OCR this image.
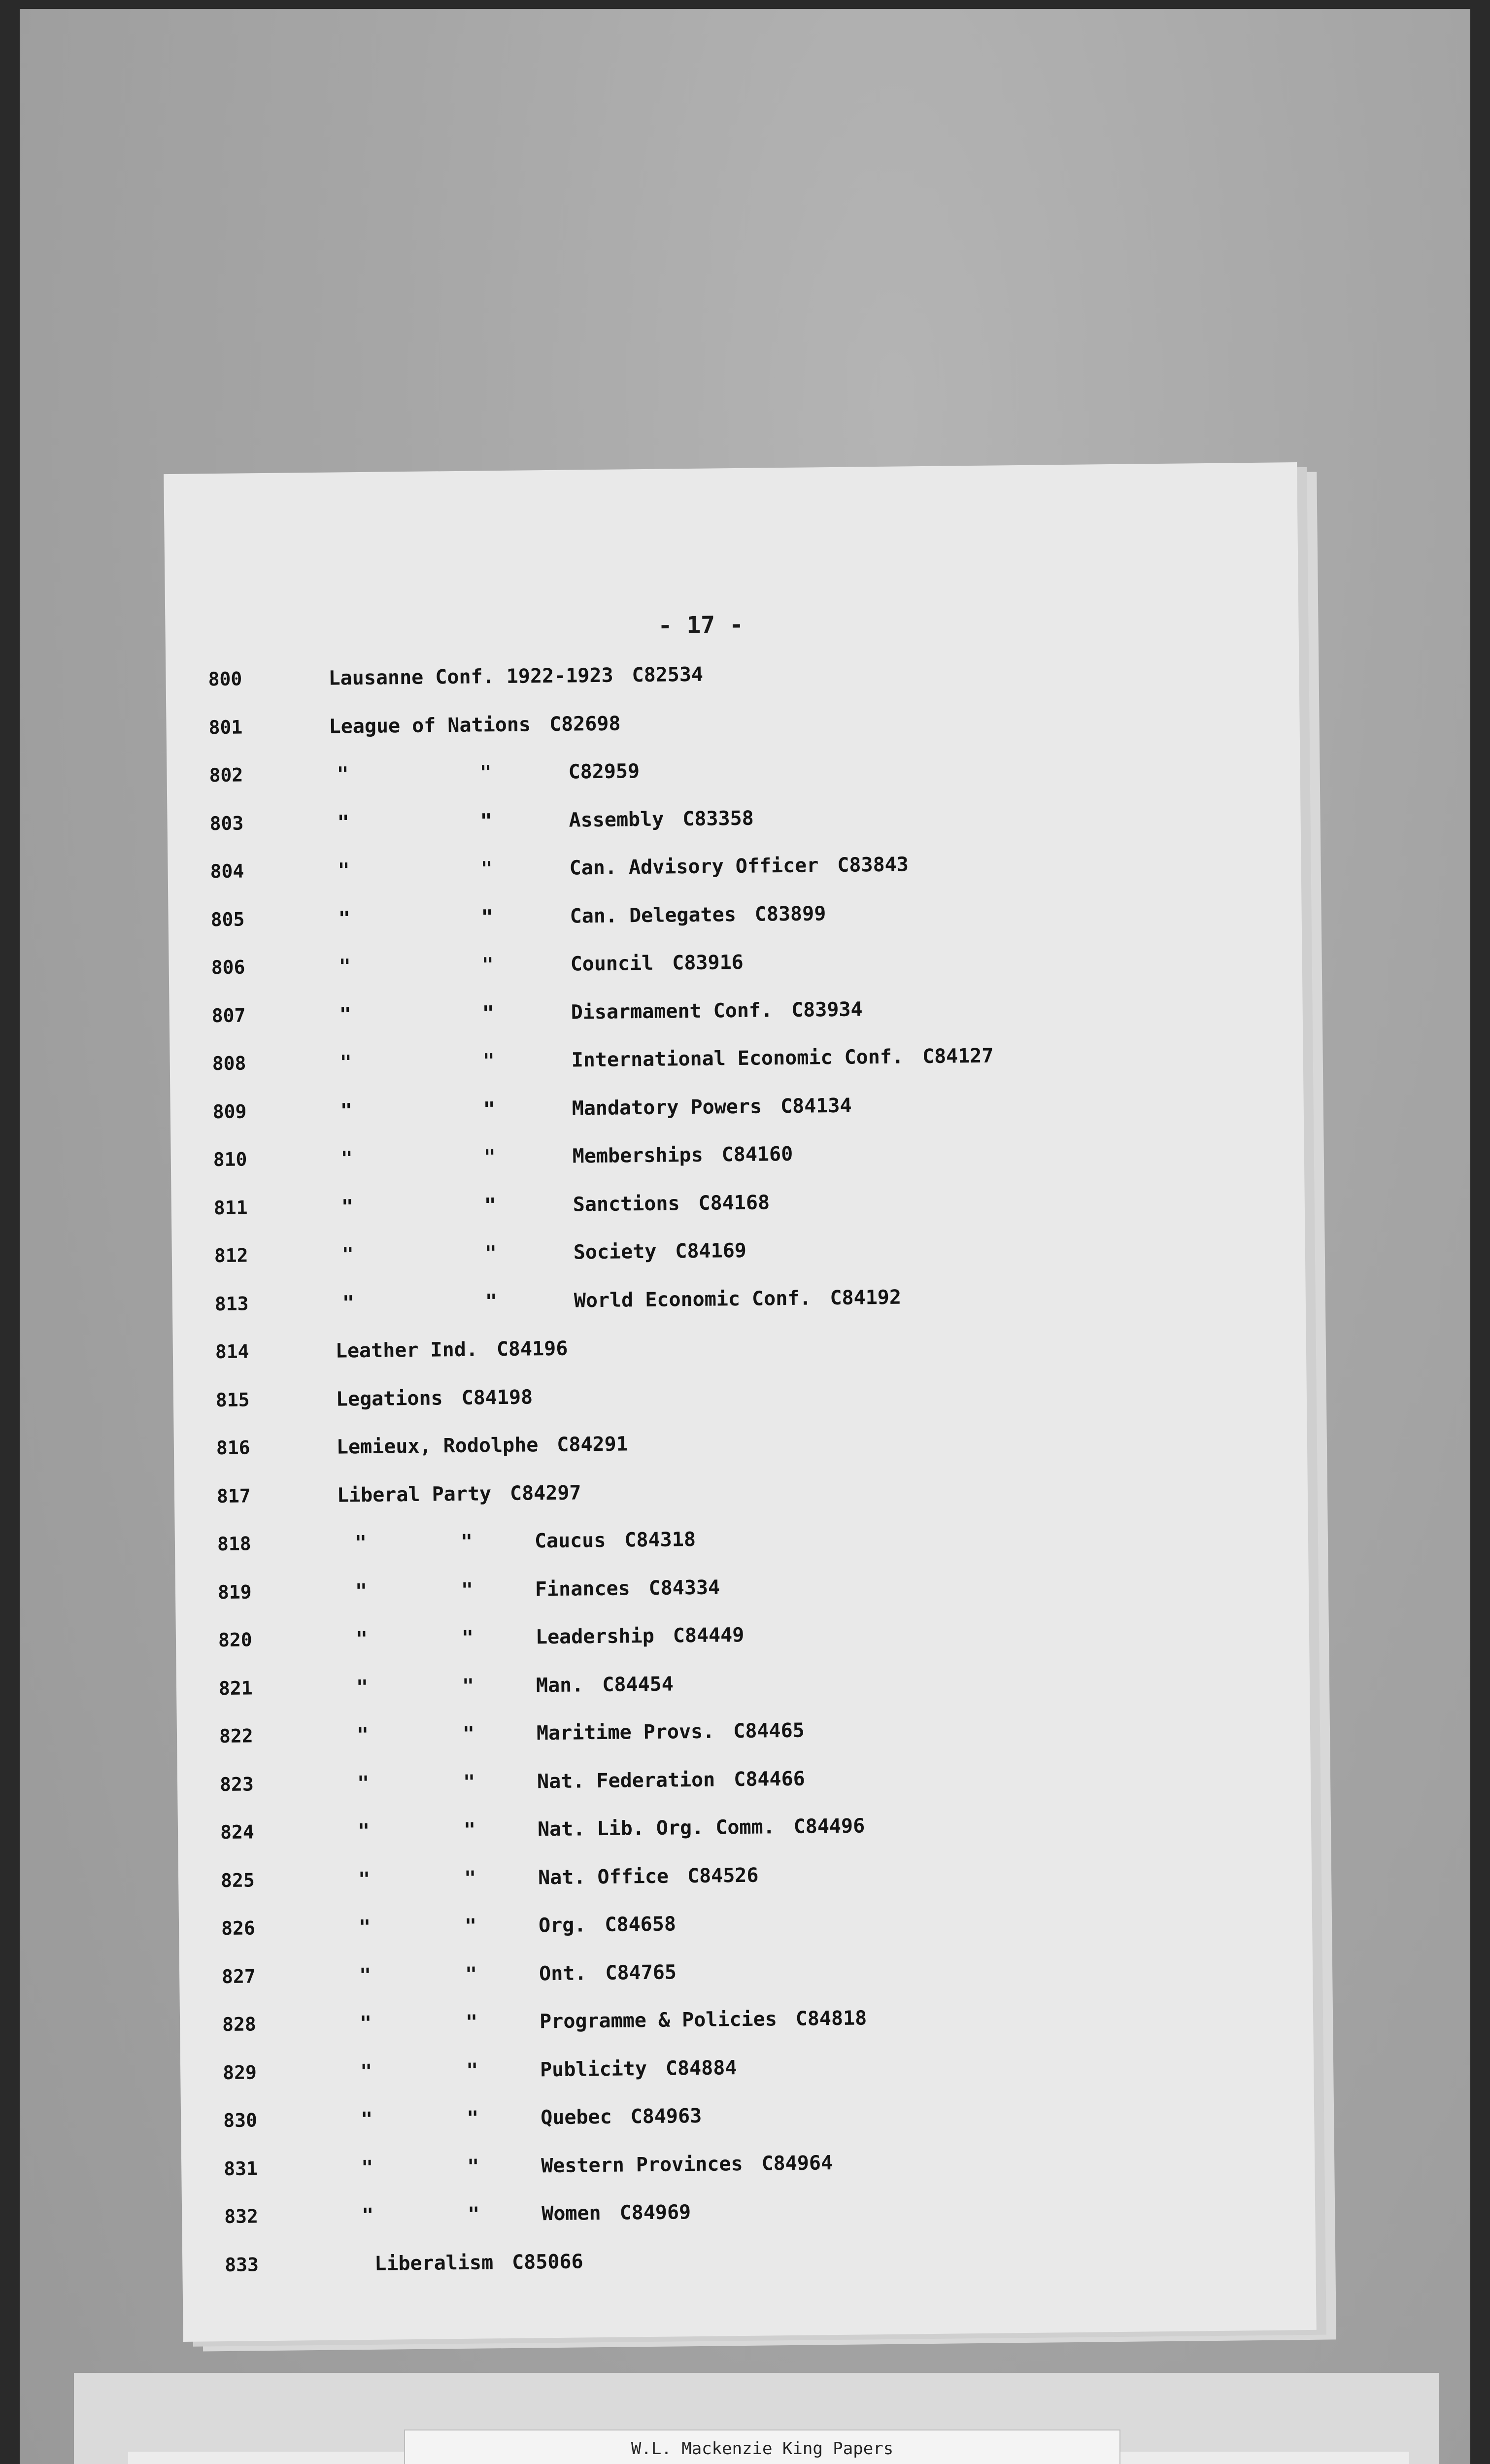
- 17 -
800	Lausanne Conf. 1922-1923 C82534
801	League of Nations C82698
802	"	"	C82959
803	"	"	Assembly C83358
804	"	"	Can. Advisory Officer C83843
805	"	"	Can. Delegates C83899
806	"	"	Council C83916
807	"	"	Disarmament Conf. C83934
808	"	"	International Economic Conf. C84127
809	"	"	Mandatory Powers C84134
810	"	"	Memberships C84160
811	"	"	Sanctions C84168
812	"	"	Society C84169
813	"	"	World Economic Conf. C84192
814	Leather Ind. C84196
815	Legations C84198
816	Lemieux, Rodolphe C84291
817	Liberal Party C84297
818	"	"	Caucus C84318
819	"	"	Finances C84334
820	"	"	Leadership C84449
821	"	"	Man. C84454
822	"	"	Maritime Provs. C84465
823	"	"	Nat. Federation C84466
824	"	"	Nat. Lib. Org. Comm. C84496
825	"	"	Nat. Office C84526
826	"	"	Org. C84658
827	"	"	Ont. C84765
828	"	"	Programme & Policies C84818
829	"	"	Publicity C84884
830	"	"	Quebec C84963
831	"	"	Western Provinces C84964
832	"	"	Women C84969
833	Liberalism C85066
W.L. Mackenzie King Papers
